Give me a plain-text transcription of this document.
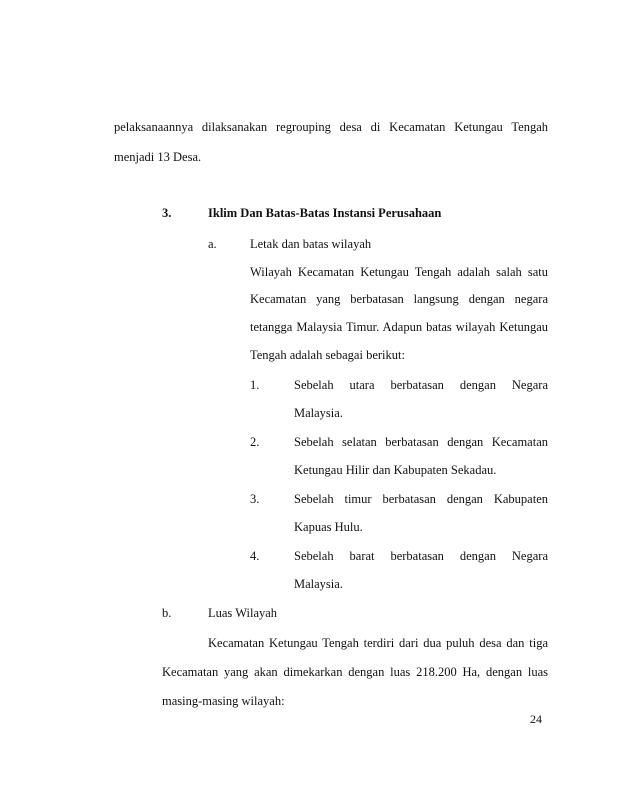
pelaksanaannya dilaksanakan regrouping desa di Kecamatan Ketungau Tengah
menjadi 13 Desa.
3.	Iklim Dan Batas-Batas Instansi Perusahaan
a.	Letak dan batas wilayah
Wilayah Kecamatan Ketungau Tengah adalah salah satu
Kecamatan yang berbatasan langsung dengan negara
tetangga Malaysia Timur. Adapun batas wilayah Ketungau
Tengah adalah sebagai berikut:
1.	Sebelah utara berbatasan dengan Negara
Malaysia.
2.	Sebelah selatan berbatasan dengan Kecamatan
Ketungau Hilir dan Kabupaten Sekadau.
3.	Sebelah timur berbatasan dengan Kabupaten
Kapuas Hulu.
4.	Sebelah barat berbatasan dengan Negara
Malaysia.
b.	Luas Wilayah
Kecamatan Ketungau Tengah terdiri dari dua puluh desa dan tiga
Kecamatan yang akan dimekarkan dengan luas 218.200 Ha, dengan luas
masing-masing wilayah:
24
